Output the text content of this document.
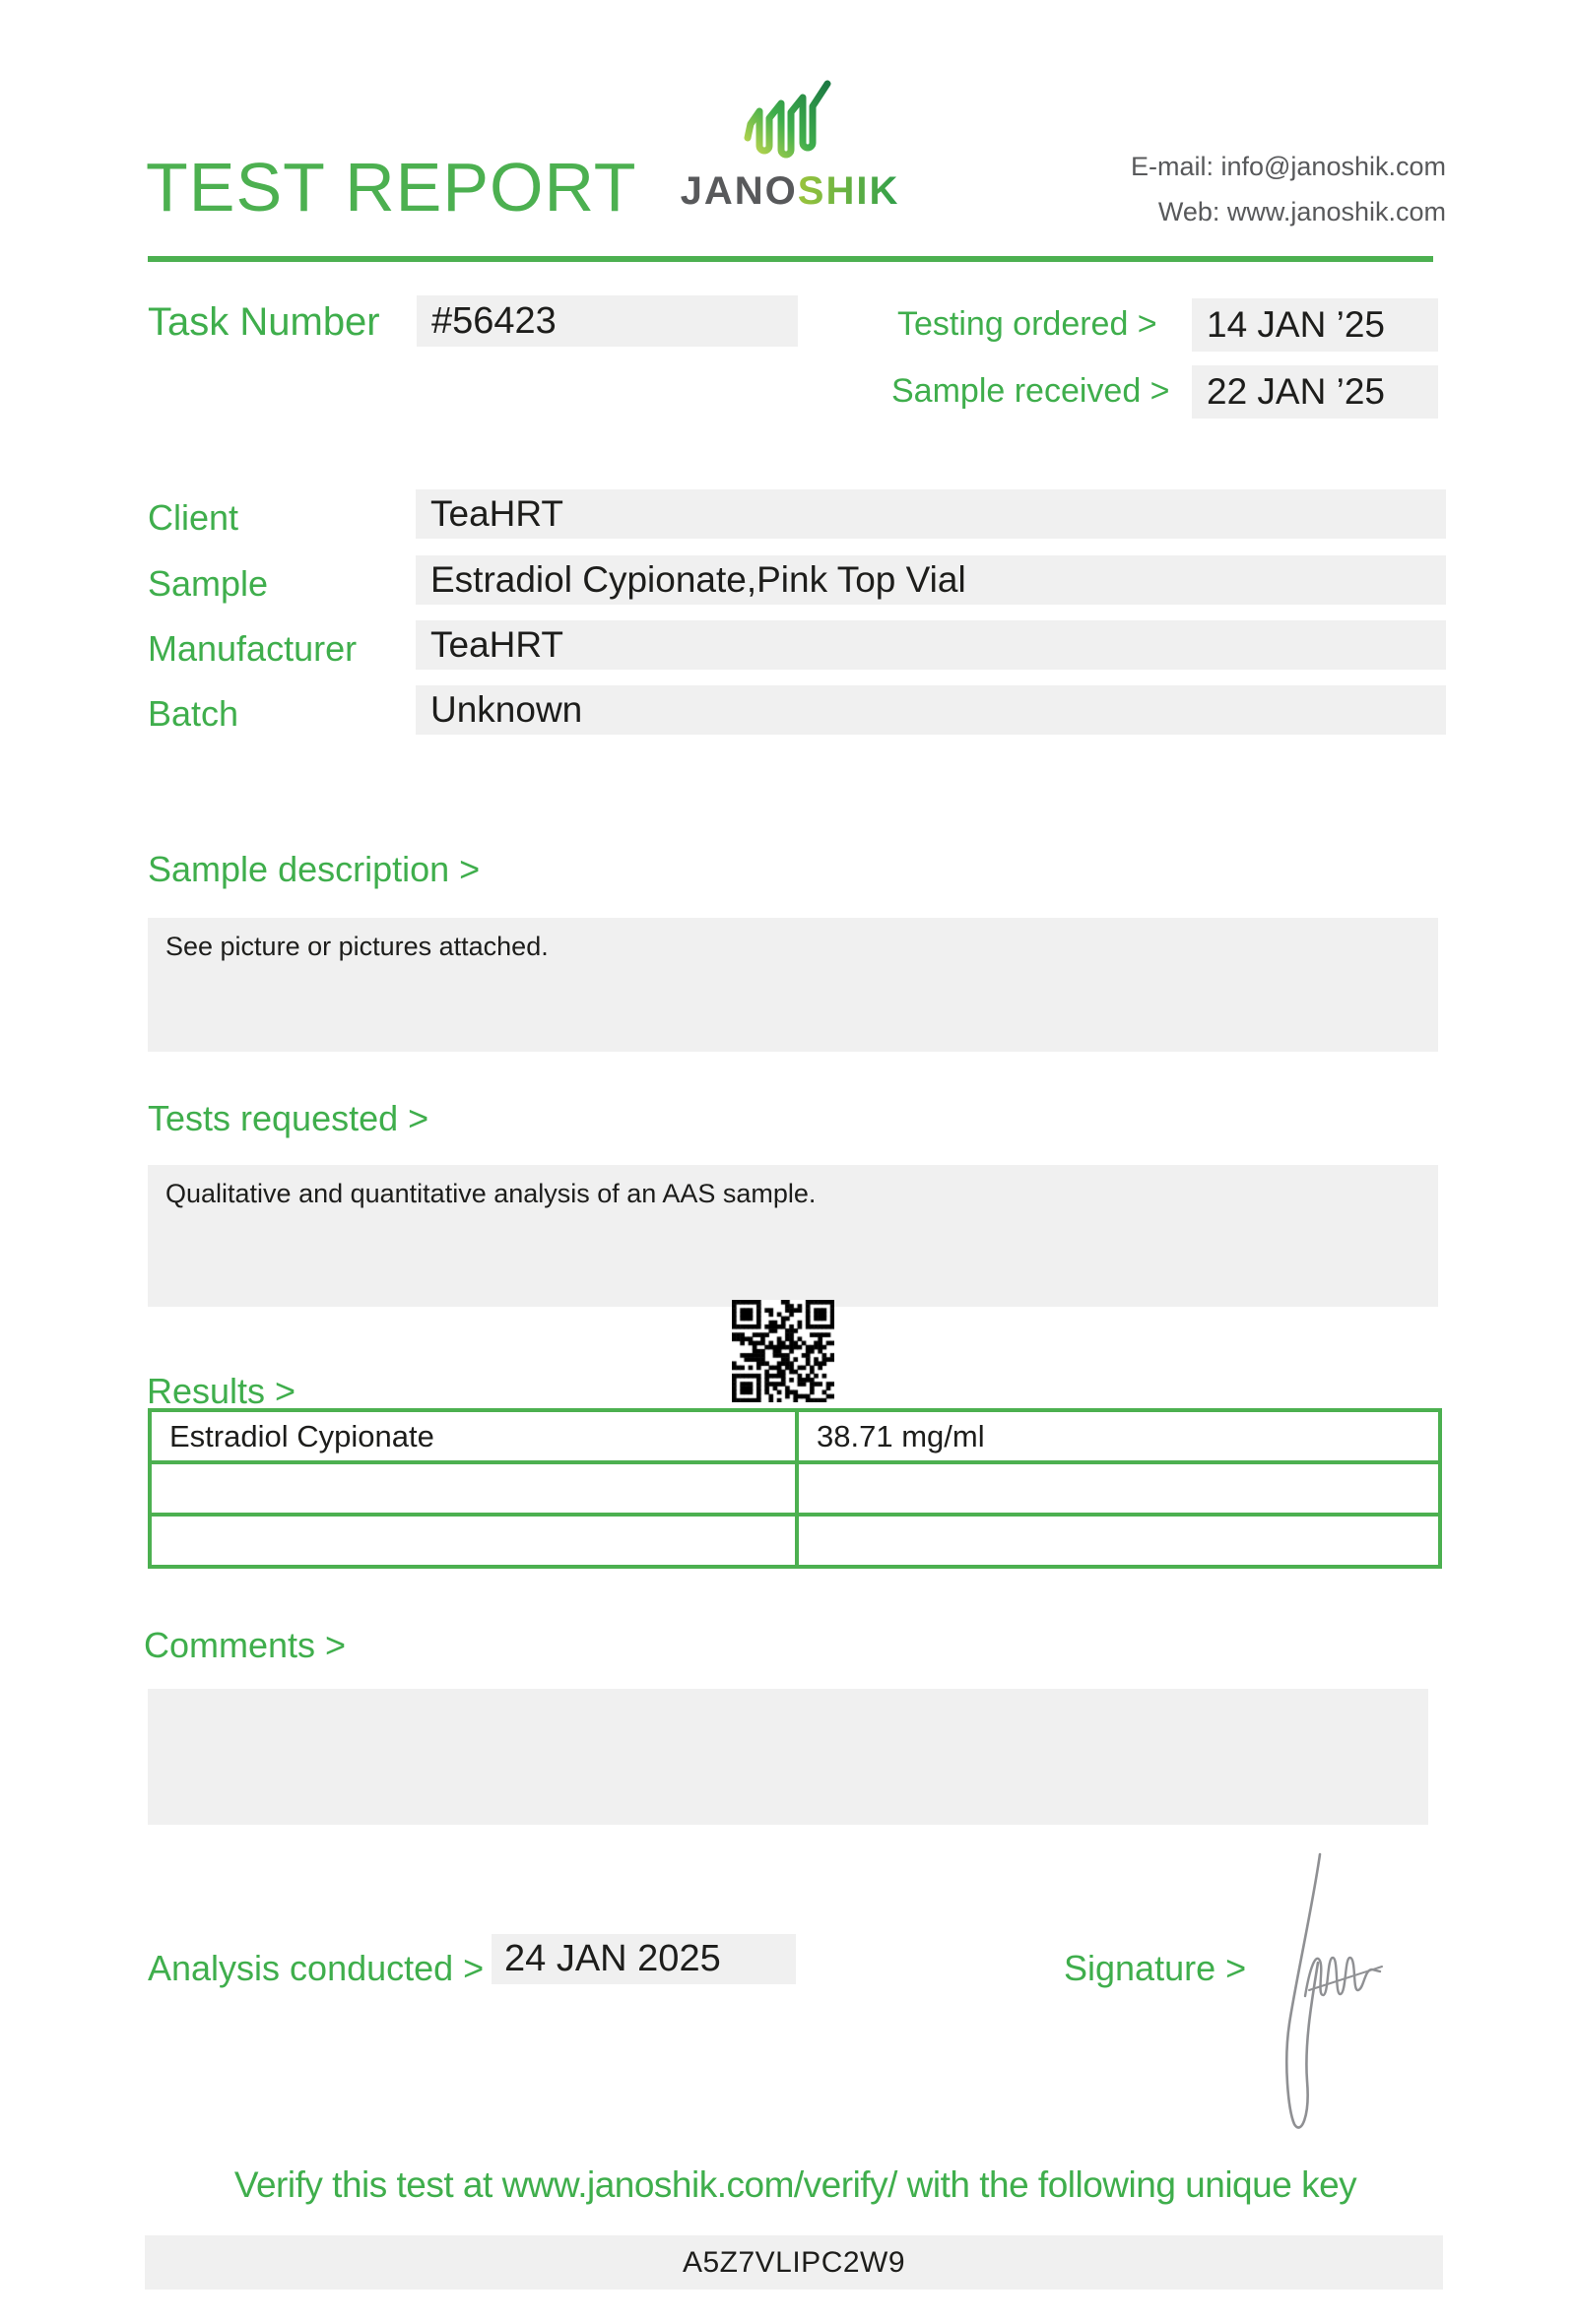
TEST REPORT	JANOSHIK
E-mail: info@janoshik.com
Web: www.janoshik.com
Task Number	#56423	Testing ordered >	14 JAN ’25
Sample received >	22 JAN ’25
Client	TeaHRT
Sample	Estradiol Cypionate,Pink Top Vial
Manufacturer	TeaHRT
Batch	Unknown
Sample description >
See picture or pictures attached.
Tests requested >
Qualitative and quantitative analysis of an AAS sample.
Results >
Estradiol Cypionate	38.71 mg/ml

Comments >
Analysis conducted > 24 JAN 2025	Signature >
Verify this test at www.janoshik.com/verify/ with the following unique key
A5Z7VLIPC2W9
